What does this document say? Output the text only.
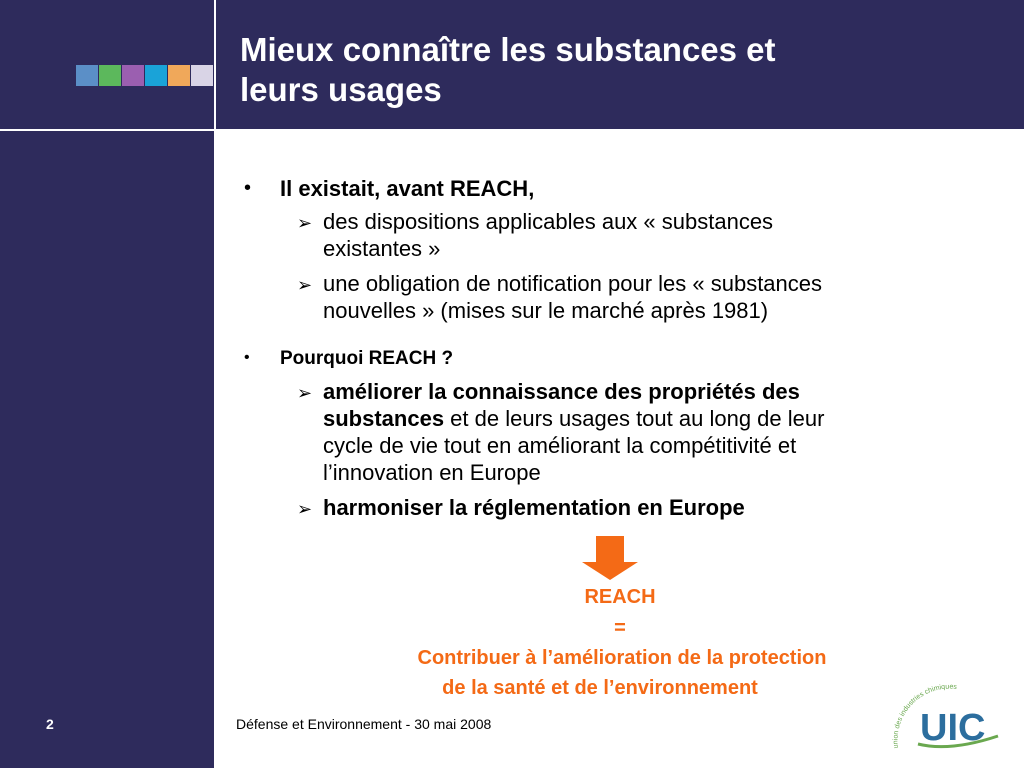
Mieux connaître les substances et
leurs usages
• Il existait, avant REACH,
➢ des dispositions applicables aux « substances
existantes »
➢ une obligation de notification pour les « substances
nouvelles » (mises sur le marché après 1981)
• Pourquoi REACH ?
➢ améliorer la connaissance des propriétés des
substances et de leurs usages tout au long de leur
cycle de vie tout en améliorant la compétitivité et
l’innovation en Europe
➢ harmoniser la réglementation en Europe
REACH
=
Contribuer à l’amélioration de la protection
de la santé et de l’environnement
2	Défense et Environnement - 30 mai 2008
union des industries chimiques
UIC
